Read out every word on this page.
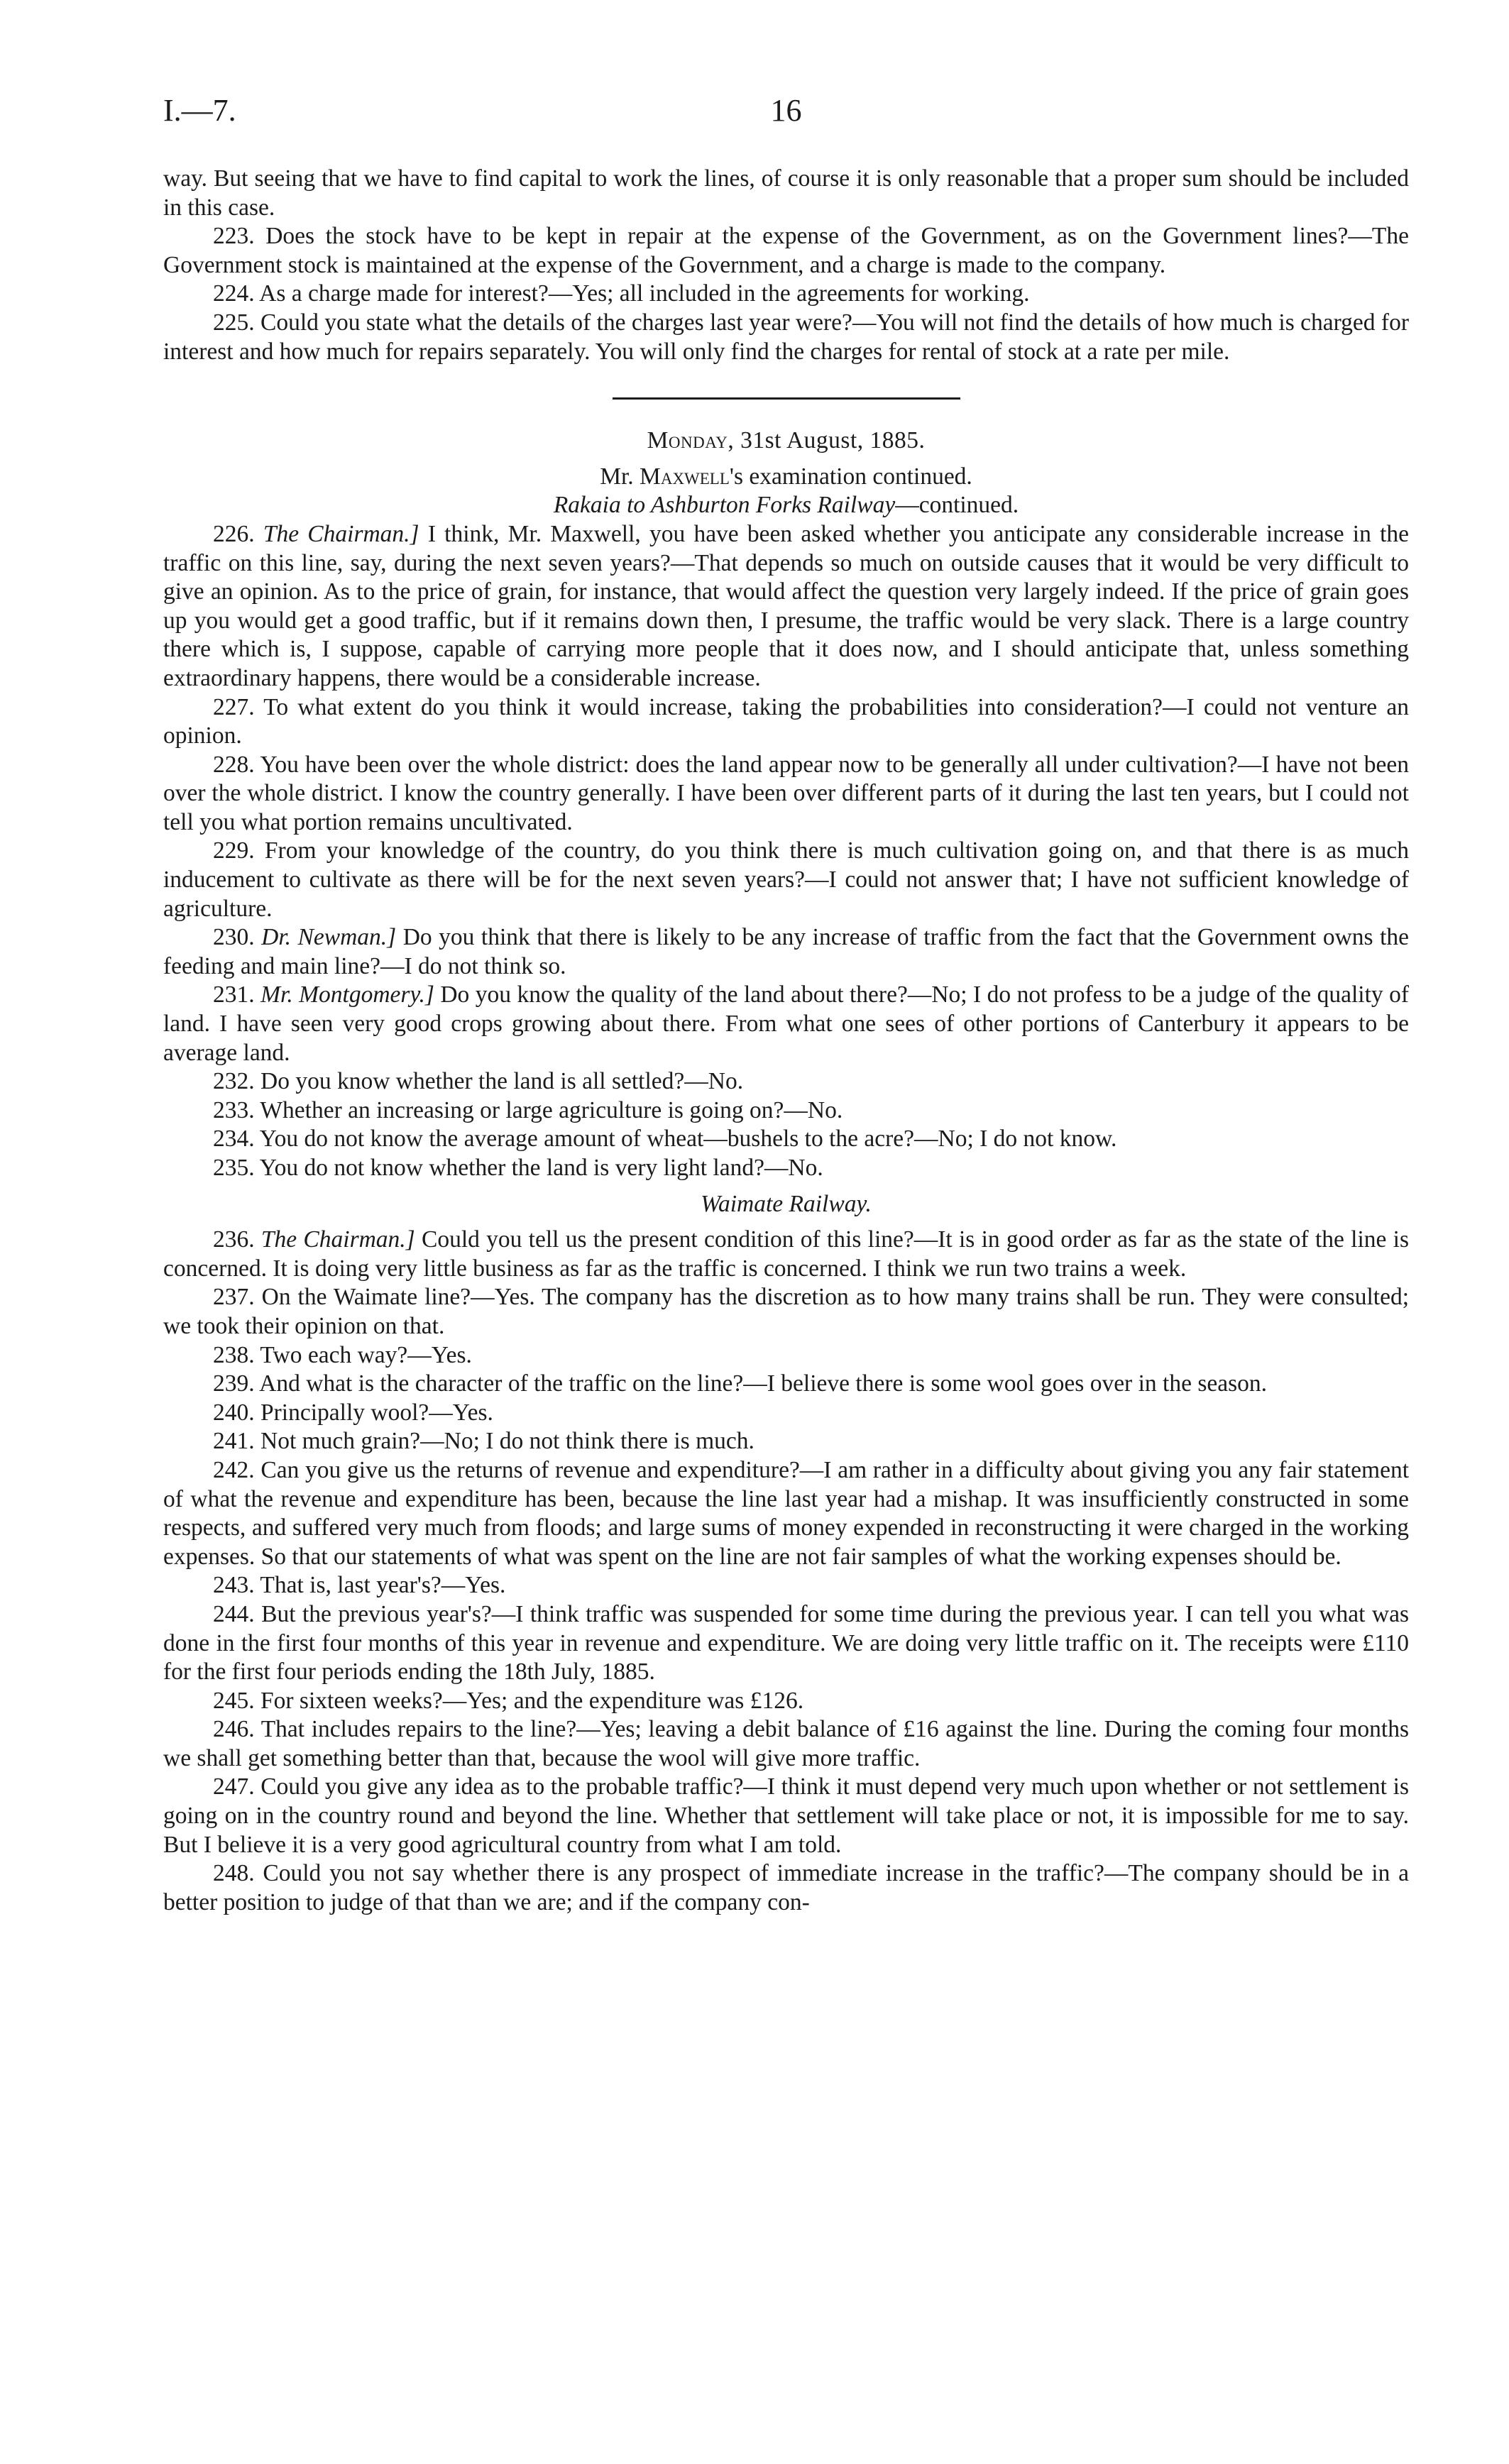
I.—7.	16

way. But seeing that we have to find capital to work the lines, of course it is only reasonable that a proper sum should be included in this case.

223. Does the stock have to be kept in repair at the expense of the Government, as on the Government lines?—The Government stock is maintained at the expense of the Government, and a charge is made to the company.

224. As a charge made for interest?—Yes; all included in the agreements for working.

225. Could you state what the details of the charges last year were?—You will not find the details of how much is charged for interest and how much for repairs separately. You will only find the charges for rental of stock at a rate per mile.

Monday, 31st August, 1885.
Mr. Maxwell's examination continued.
Rakaia to Ashburton Forks Railway—continued.

226. The Chairman.] I think, Mr. Maxwell, you have been asked whether you anticipate any considerable increase in the traffic on this line, say, during the next seven years?—That depends so much on outside causes that it would be very difficult to give an opinion. As to the price of grain, for instance, that would affect the question very largely indeed. If the price of grain goes up you would get a good traffic, but if it remains down then, I presume, the traffic would be very slack. There is a large country there which is, I suppose, capable of carrying more people that it does now, and I should anticipate that, unless something extraordinary happens, there would be a considerable increase.

227. To what extent do you think it would increase, taking the probabilities into consideration?—I could not venture an opinion.

228. You have been over the whole district: does the land appear now to be generally all under cultivation?—I have not been over the whole district. I know the country generally. I have been over different parts of it during the last ten years, but I could not tell you what portion remains uncultivated.

229. From your knowledge of the country, do you think there is much cultivation going on, and that there is as much inducement to cultivate as there will be for the next seven years?—I could not answer that; I have not sufficient knowledge of agriculture.

230. Dr. Newman.] Do you think that there is likely to be any increase of traffic from the fact that the Government owns the feeding and main line?—I do not think so.

231. Mr. Montgomery.] Do you know the quality of the land about there?—No; I do not profess to be a judge of the quality of land. I have seen very good crops growing about there. From what one sees of other portions of Canterbury it appears to be average land.

232. Do you know whether the land is all settled?—No.

233. Whether an increasing or large agriculture is going on?—No.

234. You do not know the average amount of wheat—bushels to the acre?—No; I do not know.

235. You do not know whether the land is very light land?—No.

Waimate Railway.

236. The Chairman.] Could you tell us the present condition of this line?—It is in good order as far as the state of the line is concerned. It is doing very little business as far as the traffic is concerned. I think we run two trains a week.

237. On the Waimate line?—Yes. The company has the discretion as to how many trains shall be run. They were consulted; we took their opinion on that.

238. Two each way?—Yes.

239. And what is the character of the traffic on the line?—I believe there is some wool goes over in the season.

240. Principally wool?—Yes.

241. Not much grain?—No; I do not think there is much.

242. Can you give us the returns of revenue and expenditure?—I am rather in a difficulty about giving you any fair statement of what the revenue and expenditure has been, because the line last year had a mishap. It was insufficiently constructed in some respects, and suffered very much from floods; and large sums of money expended in reconstructing it were charged in the working expenses. So that our statements of what was spent on the line are not fair samples of what the working expenses should be.

243. That is, last year's?—Yes.

244. But the previous year's?—I think traffic was suspended for some time during the previous year. I can tell you what was done in the first four months of this year in revenue and expenditure. We are doing very little traffic on it. The receipts were £110 for the first four periods ending the 18th July, 1885.

245. For sixteen weeks?—Yes; and the expenditure was £126.

246. That includes repairs to the line?—Yes; leaving a debit balance of £16 against the line. During the coming four months we shall get something better than that, because the wool will give more traffic.

247. Could you give any idea as to the probable traffic?—I think it must depend very much upon whether or not settlement is going on in the country round and beyond the line. Whether that settlement will take place or not, it is impossible for me to say. But I believe it is a very good agricultural country from what I am told.

248. Could you not say whether there is any prospect of immediate increase in the traffic?—The company should be in a better position to judge of that than we are; and if the company con-
